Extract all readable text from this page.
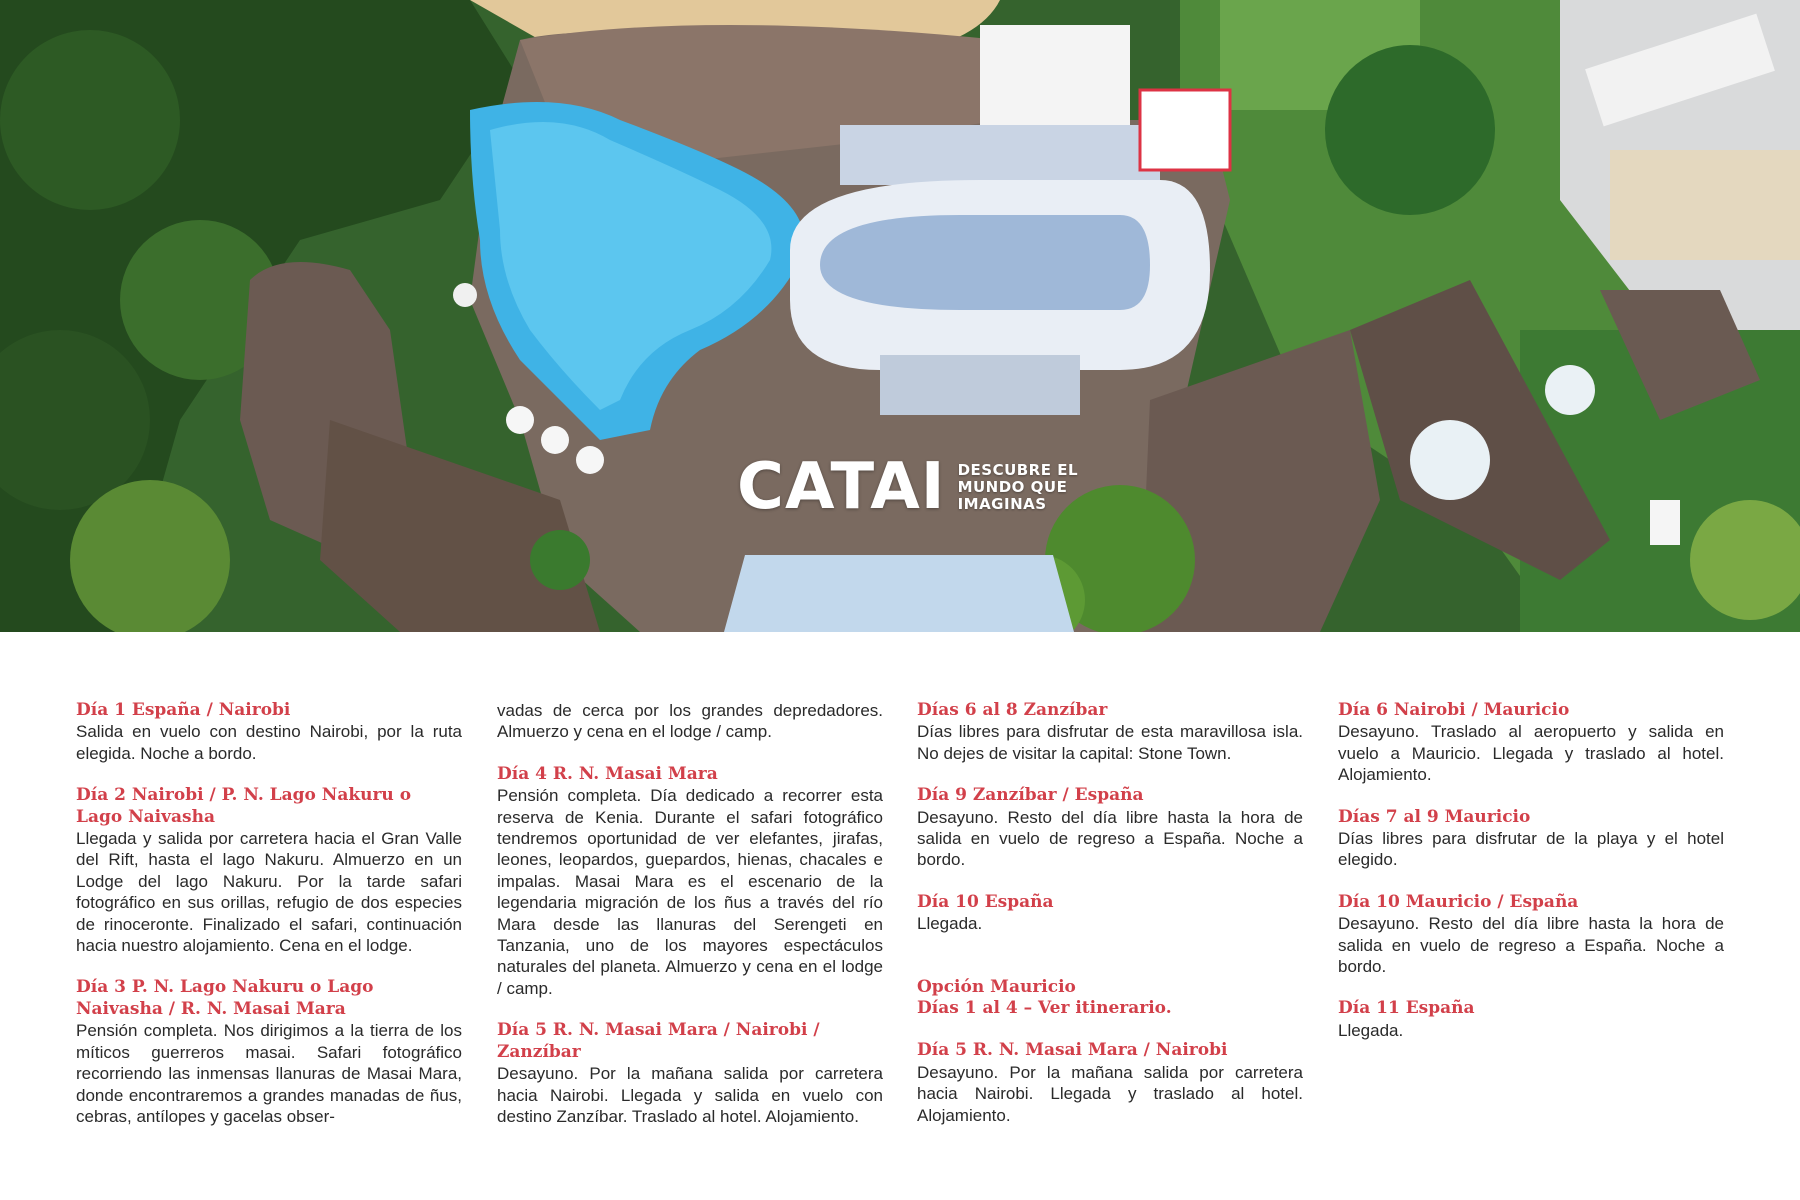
CATAI DESCUBRE EL
MUNDO QUE
IMAGINAS
Día 1 España / Nairobi
Salida en vuelo con destino Nairobi, por la ruta elegida. Noche a bordo.
Día 2 Nairobi / P. N. Lago Nakuru o Lago Naivasha
Llegada y salida por carretera hacia el Gran Valle del Rift, hasta el lago Nakuru. Almuerzo en un Lodge del lago Nakuru. Por la tarde safari fotográfico en sus orillas, refugio de dos especies de rinoceronte. Finalizado el safari, continuación hacia nuestro alojamiento. Cena en el lodge.
Día 3 P. N. Lago Nakuru o Lago Naivasha / R. N. Masai Mara
Pensión completa. Nos dirigimos a la tierra de los míticos guerreros masai. Safari fotográfico recorriendo las inmensas llanuras de Masai Mara, donde encontraremos a grandes manadas de ñus, cebras, antílopes y gacelas obser-
vadas de cerca por los grandes depredadores. Almuerzo y cena en el lodge / camp.
Día 4 R. N. Masai Mara
Pensión completa. Día dedicado a recorrer esta reserva de Kenia. Durante el safari fotográfico tendremos oportunidad de ver elefantes, jirafas, leones, leopardos, guepardos, hienas, chacales e impalas. Masai Mara es el escenario de la legendaria migración de los ñus a través del río Mara desde las llanuras del Serengeti en Tanzania, uno de los mayores espectáculos naturales del planeta. Almuerzo y cena en el lodge / camp.
Día 5 R. N. Masai Mara / Nairobi / Zanzíbar
Desayuno. Por la mañana salida por carretera hacia Nairobi. Llegada y salida en vuelo con destino Zanzíbar. Traslado al hotel. Alojamiento.
Días 6 al 8 Zanzíbar
Días libres para disfrutar de esta maravillosa isla. No dejes de visitar la capital: Stone Town.
Día 9 Zanzíbar / España
Desayuno. Resto del día libre hasta la hora de salida en vuelo de regreso a España. Noche a bordo.
Día 10 España
Llegada.
Opción Mauricio
Días 1 al 4 – Ver itinerario.
Día 5 R. N. Masai Mara / Nairobi
Desayuno. Por la mañana salida por carretera hacia Nairobi. Llegada y traslado al hotel. Alojamiento.
Día 6 Nairobi / Mauricio
Desayuno. Traslado al aeropuerto y salida en vuelo a Mauricio. Llegada y traslado al hotel. Alojamiento.
Días 7 al 9 Mauricio
Días libres para disfrutar de la playa y el hotel elegido.
Día 10 Mauricio / España
Desayuno. Resto del día libre hasta la hora de salida en vuelo de regreso a España. Noche a bordo.
Día 11 España
Llegada.
